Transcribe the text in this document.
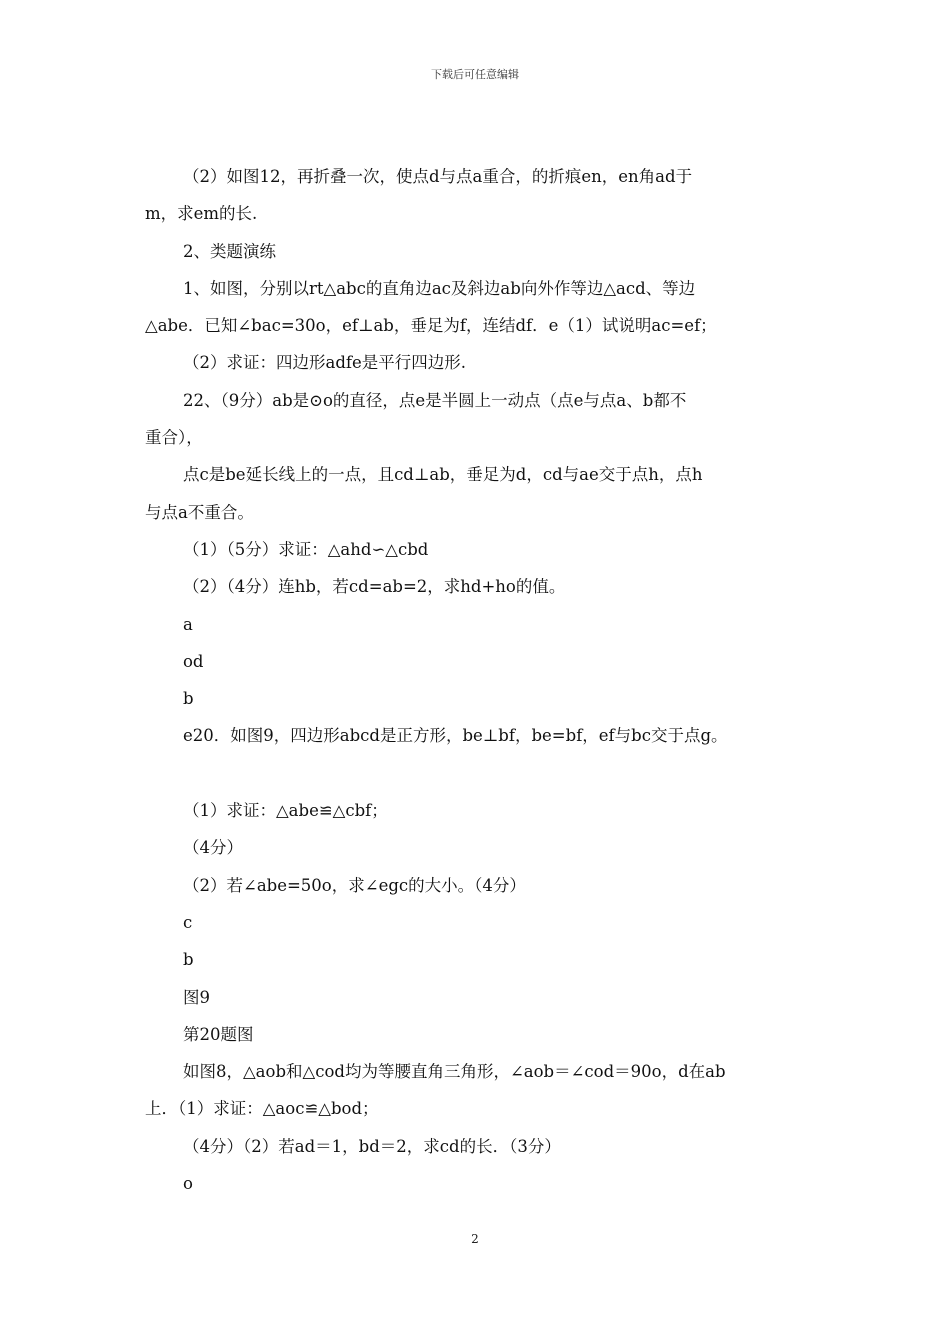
下载后可任意编辑
（2）如图12，再折叠一次，使点d与点a重合，的折痕en，en角ad于
m，求em的长.
2、类题演练
1、如图，分别以rt△abc的直角边ac及斜边ab向外作等边△acd、等边
△abe．已知∠bac=30o，ef⊥ab，垂足为f，连结df．e（1）试说明ac=ef；
（2）求证：四边形adfe是平行四边形.
22、（9分）ab是⊙o的直径，点e是半圆上一动点（点e与点a、b都不
重合），
点c是be延长线上的一点，且cd⊥ab，垂足为d，cd与ae交于点h，点h
与点a不重合。
（1）（5分）求证：△ahd∽△cbd
（2）（4分）连hb，若cd=ab=2，求hd+ho的值。
a
od
b
e20．如图9，四边形abcd是正方形，be⊥bf，be=bf，ef与bc交于点g。
（1）求证：△abe≌△cbf；
（4分）
（2）若∠abe=50o，求∠egc的大小。（4分）
c
b
图9
第20题图
如图8，△aob和△cod均为等腰直角三角形，∠aob＝∠cod＝90o，d在ab
上．（1）求证：△aoc≌△bod；
（4分）（2）若ad＝1，bd＝2，求cd的长．（3分）
o
2
